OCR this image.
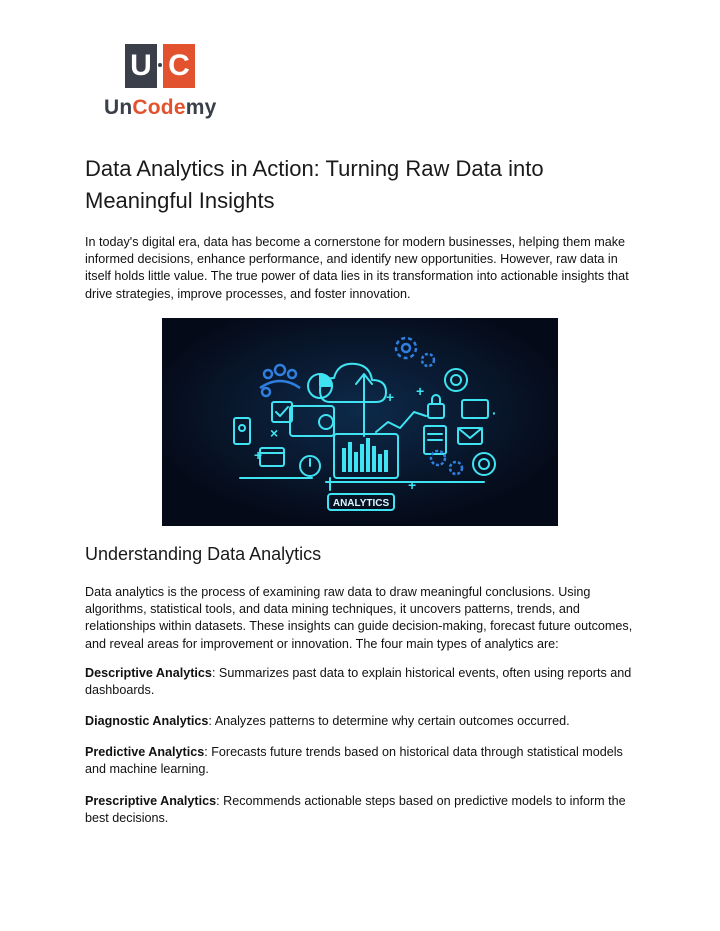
U C
UnCodemy
Data Analytics in Action: Turning Raw Data into Meaningful Insights

In today's digital era, data has become a cornerstone for modern businesses, helping them make informed decisions, enhance performance, and identify new opportunities. However, raw data in itself holds little value. The true power of data lies in its transformation into actionable insights that drive strategies, improve processes, and foster innovation.

+
+ +
+
×
·
ANALYTICS
Understanding Data Analytics

Data analytics is the process of examining raw data to draw meaningful conclusions. Using algorithms, statistical tools, and data mining techniques, it uncovers patterns, trends, and relationships within datasets. These insights can guide decision-making, forecast future outcomes, and reveal areas for improvement or innovation. The four main types of analytics are:

Descriptive Analytics: Summarizes past data to explain historical events, often using reports and dashboards.

Diagnostic Analytics: Analyzes patterns to determine why certain outcomes occurred.

Predictive Analytics: Forecasts future trends based on historical data through statistical models and machine learning.

Prescriptive Analytics: Recommends actionable steps based on predictive models to inform the best decisions.
